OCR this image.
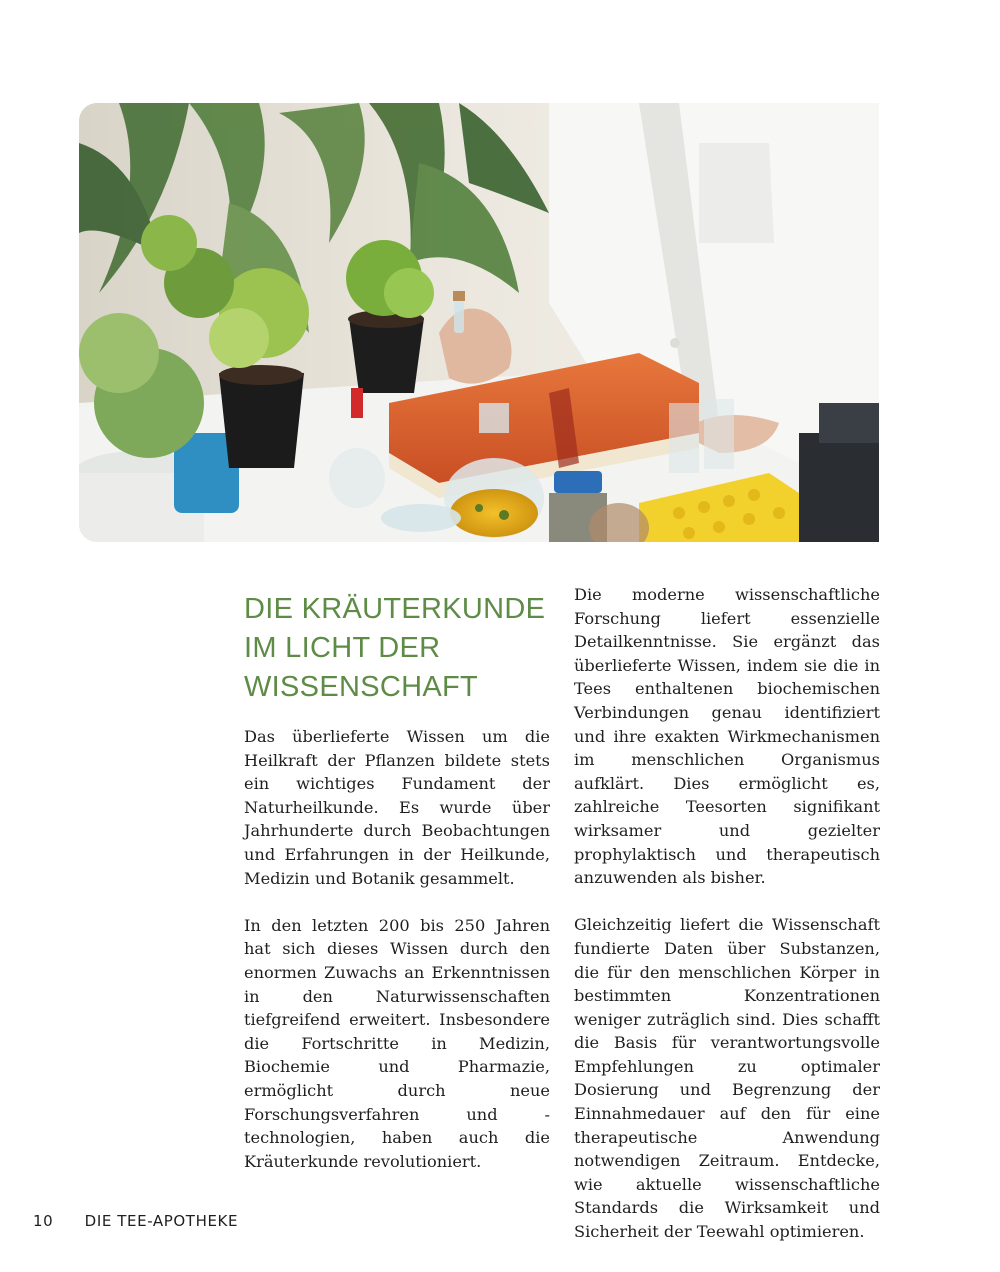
DIE KRÄUTERKUNDE
IM LICHT DER
WISSENSCHAFT

Das überlieferte Wissen um die Heilkraft der Pflanzen bildete stets ein wichtiges Fundament der Naturheilkunde. Es wurde über Jahrhunderte durch Beobachtungen und Erfahrungen in der Heilkunde, Medizin und Botanik gesammelt.

In den letzten 200 bis 250 Jahren hat sich dieses Wissen durch den enormen Zuwachs an Erkenntnissen in den Naturwissenschaften tiefgreifend erweitert. Insbesondere die Fortschritte in Medizin, Biochemie und Pharmazie, ermöglicht durch neue Forschungsverfahren und -technologien, haben auch die Kräuterkunde revolutioniert.

Die moderne wissenschaftliche Forschung liefert essenzielle Detailkenntnisse. Sie ergänzt das überlieferte Wissen, indem sie die in Tees enthaltenen biochemischen Verbindungen genau identifiziert und ihre exakten Wirkmechanismen im menschlichen Organismus aufklärt. Dies ermöglicht es, zahlreiche Teesorten signifikant wirksamer und gezielter prophylaktisch und therapeutisch anzuwenden als bisher.

Gleichzeitig liefert die Wissenschaft fundierte Daten über Substanzen, die für den menschlichen Körper in bestimmten Konzentrationen weniger zuträglich sind. Dies schafft die Basis für verantwortungsvolle Empfehlungen zu optimaler Dosierung und Begrenzung der Einnahmedauer auf den für eine therapeutische Anwendung notwendigen Zeitraum. Entdecke, wie aktuelle wissenschaftliche Standards die Wirksamkeit und Sicherheit der Teewahl optimieren.

10 DIE TEE-APOTHEKE
